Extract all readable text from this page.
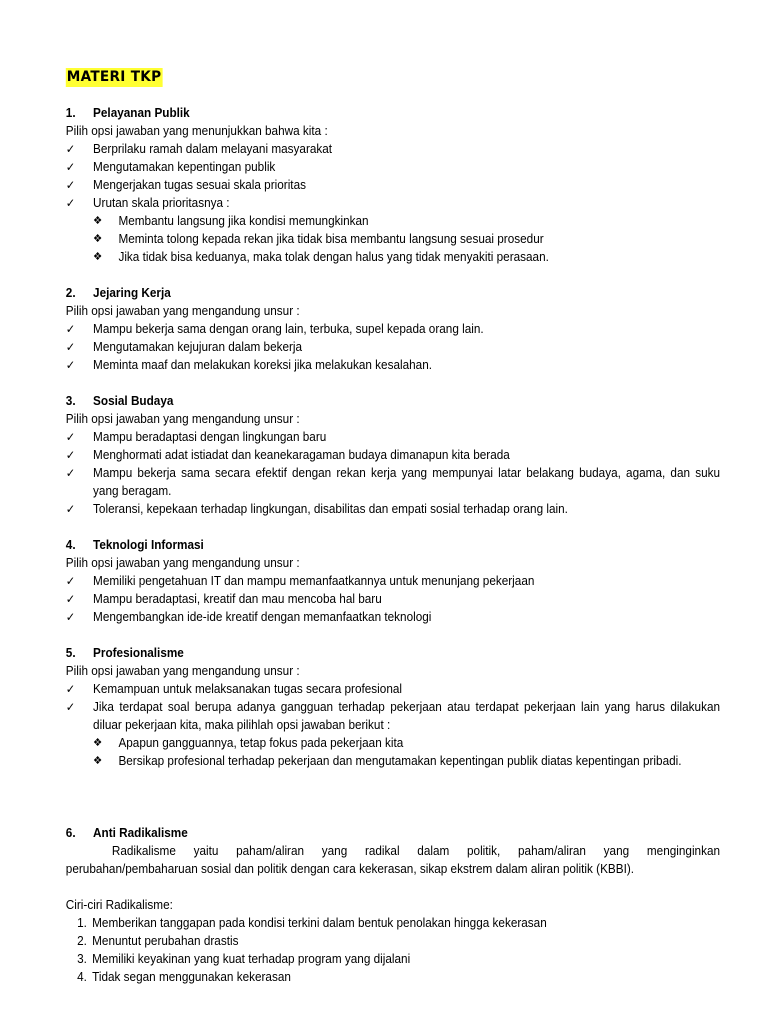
MATERI TKP
1.	Pelayanan Publik
Pilih opsi jawaban yang menunjukkan bahwa kita :
✓	Berprilaku ramah dalam melayani masyarakat
✓	Mengutamakan kepentingan publik
✓	Mengerjakan tugas sesuai skala prioritas
✓	Urutan skala prioritasnya :
❖	Membantu langsung jika kondisi memungkinkan
❖	Meminta tolong kepada rekan jika tidak bisa membantu langsung sesuai prosedur
❖	Jika tidak bisa keduanya, maka tolak dengan halus yang tidak menyakiti perasaan.
2.	Jejaring Kerja
Pilih opsi jawaban yang mengandung unsur :
✓	Mampu bekerja sama dengan orang lain, terbuka, supel kepada orang lain.
✓	Mengutamakan kejujuran dalam bekerja
✓	Meminta maaf dan melakukan koreksi jika melakukan kesalahan.
3.	Sosial Budaya
Pilih opsi jawaban yang mengandung unsur :
✓	Mampu beradaptasi dengan lingkungan baru
✓	Menghormati adat istiadat dan keanekaragaman budaya dimanapun kita berada
✓	Mampu bekerja sama secara efektif dengan rekan kerja yang mempunyai latar belakang budaya, agama, dan suku yang beragam.
✓	Toleransi, kepekaan terhadap lingkungan, disabilitas dan empati sosial terhadap orang lain.
4.	Teknologi Informasi
Pilih opsi jawaban yang mengandung unsur :
✓	Memiliki pengetahuan IT dan mampu memanfaatkannya untuk menunjang pekerjaan
✓	Mampu beradaptasi, kreatif dan mau mencoba hal baru
✓	Mengembangkan ide-ide kreatif dengan memanfaatkan teknologi
5.	Profesionalisme
Pilih opsi jawaban yang mengandung unsur :
✓	Kemampuan untuk melaksanakan tugas secara profesional
✓	Jika terdapat soal berupa adanya gangguan terhadap pekerjaan atau terdapat pekerjaan lain yang harus dilakukan diluar pekerjaan kita, maka pilihlah opsi jawaban berikut :
❖	Apapun gangguannya, tetap fokus pada pekerjaan kita
❖	Bersikap profesional terhadap pekerjaan dan mengutamakan kepentingan publik diatas kepentingan pribadi.
6.	Anti Radikalisme
Radikalisme yaitu paham/aliran yang radikal dalam politik, paham/aliran yang menginginkan perubahan/pembaharuan sosial dan politik dengan cara kekerasan, sikap ekstrem dalam aliran politik (KBBI).
Ciri-ciri Radikalisme:
1. Memberikan tanggapan pada kondisi terkini dalam bentuk penolakan hingga kekerasan
2. Menuntut perubahan drastis
3. Memiliki keyakinan yang kuat terhadap program yang dijalani
4. Tidak segan menggunakan kekerasan
